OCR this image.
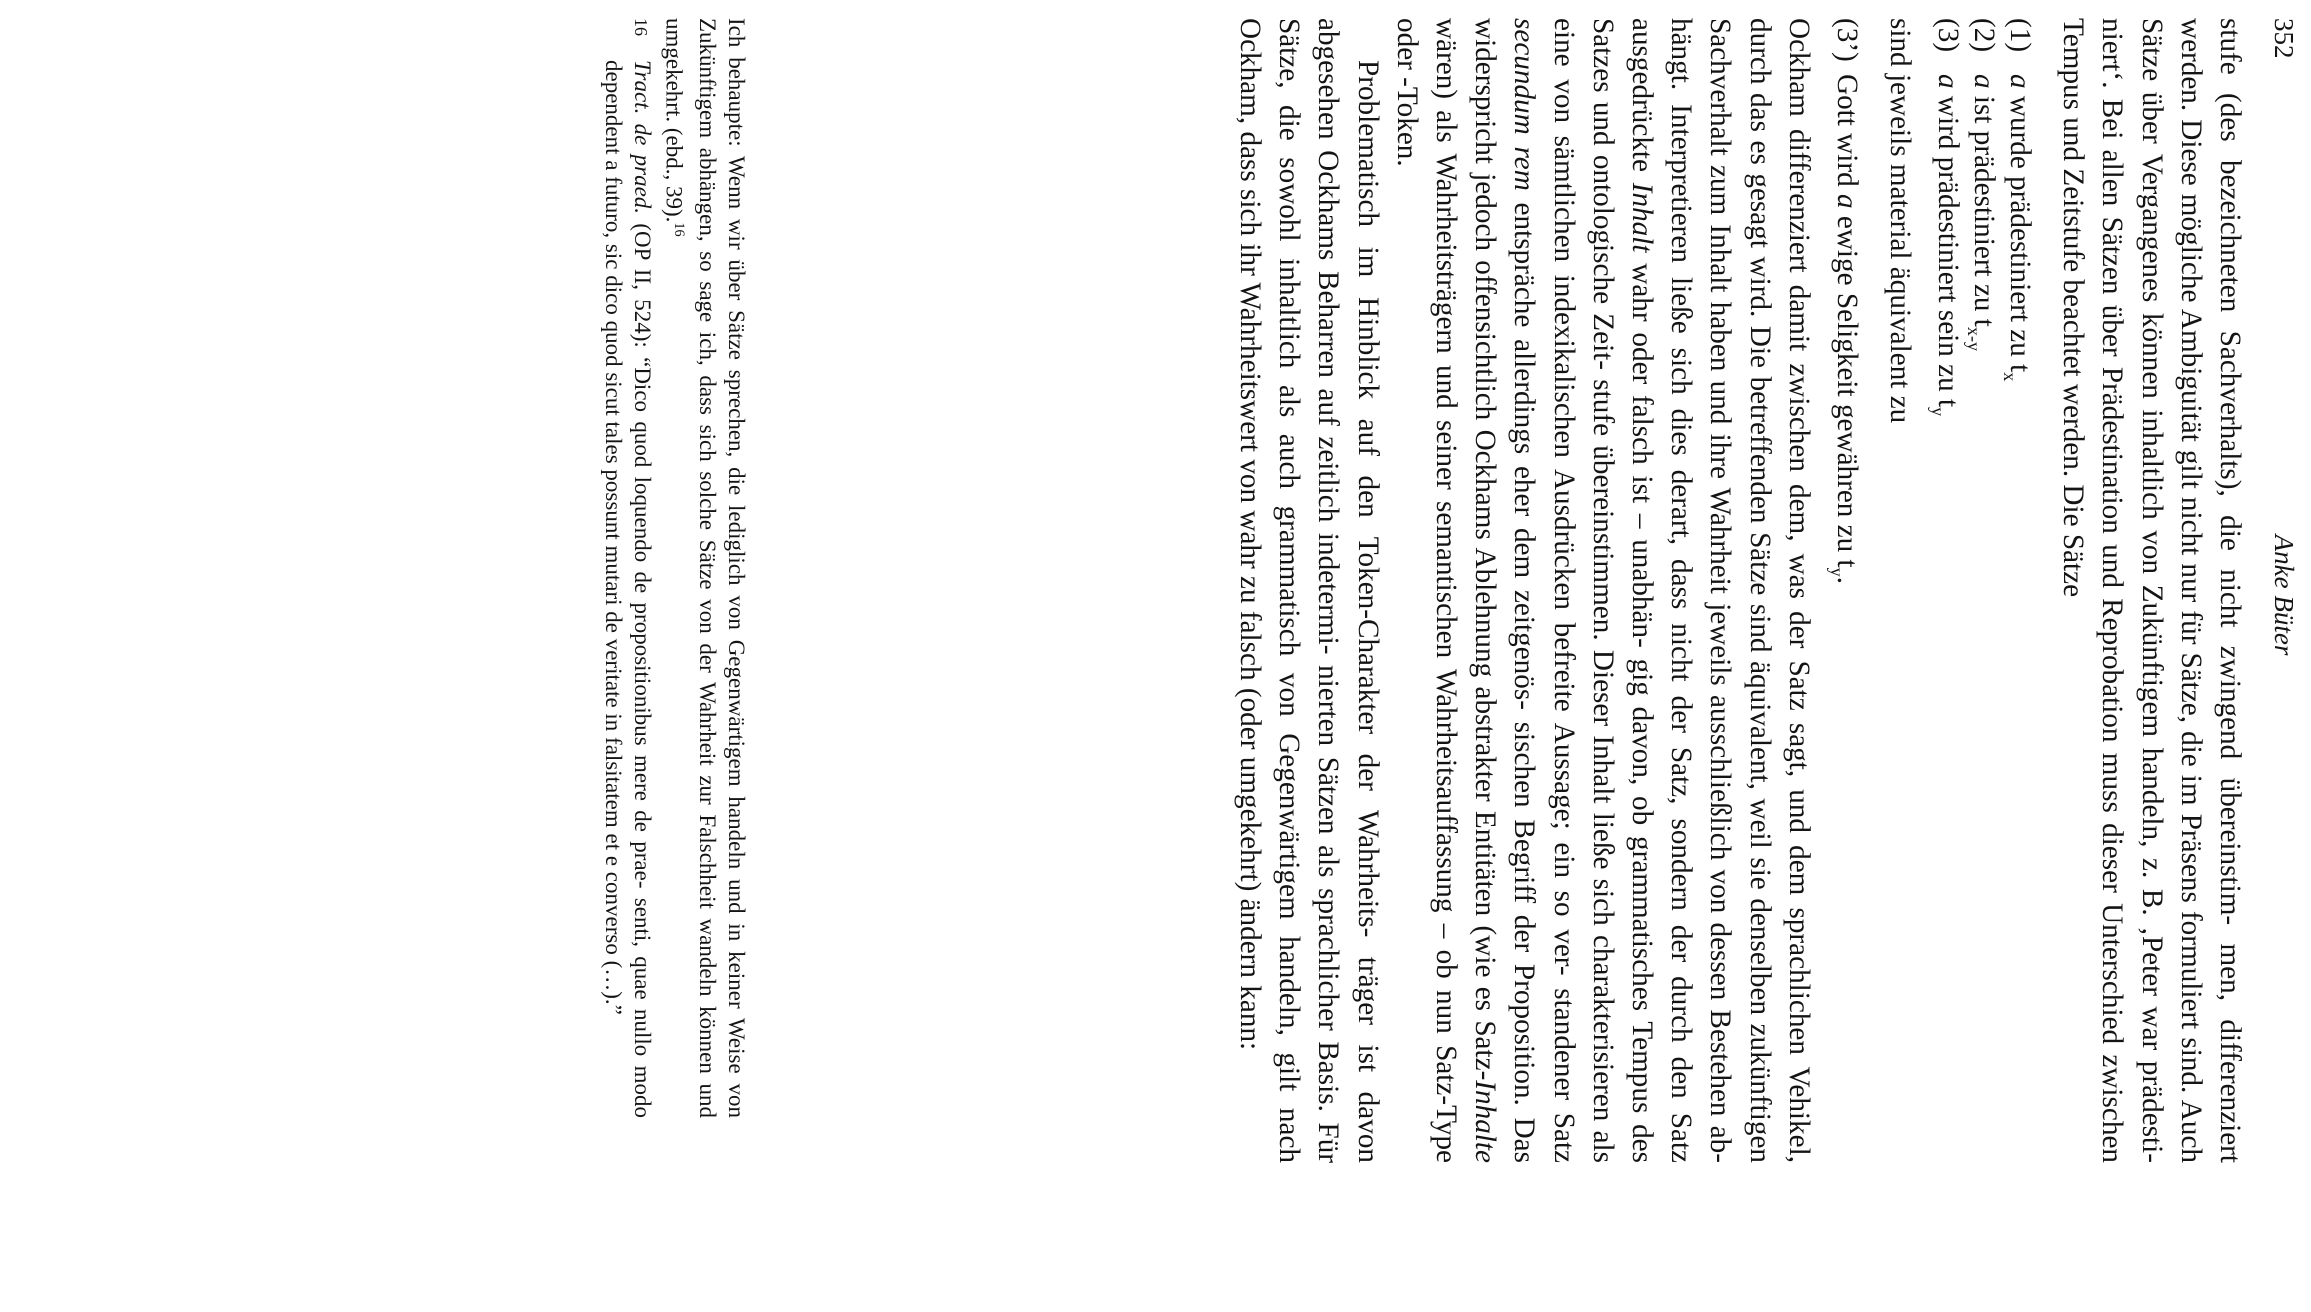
352
Anke Büter

stufe (des bezeichneten Sachverhalts), die nicht zwingend übereinstim- men, differenziert werden. Diese mögliche Ambiguität gilt nicht nur für Sätze, die im Präsens formuliert sind. Auch Sätze über Vergangenes können inhaltlich von Zukünftigem handeln, z. B. ‚Peter war prädesti- niert‘. Bei allen Sätzen über Prädestination und Reprobation muss dieser Unterschied zwischen Tempus und Zeitstufe beachtet werden. Die Sätze

(1)
a wurde prädestiniert zu $t_x$
(2)
a ist prädestiniert zu $t_{x-y}$
(3)
a wird prädestiniert sein zu $t_y$

sind jeweils material äquivalent zu

(3’)
Gott wird a ewige Seligkeit gewähren zu $t_y$.

Ockham differenziert damit zwischen dem, was der Satz sagt, und dem sprachlichen Vehikel, durch das es gesagt wird. Die betreffenden Sätze sind äquivalent, weil sie denselben zukünftigen Sachverhalt zum Inhalt haben und ihre Wahrheit jeweils ausschließlich von dessen Bestehen ab- hängt. Interpretieren ließe sich dies derart, dass nicht der Satz, sondern der durch den Satz ausgedrückte Inhalt wahr oder falsch ist – unabhän- gig davon, ob grammatisches Tempus des Satzes und ontologische Zeit- stufe übereinstimmen. Dieser Inhalt ließe sich charakterisieren als eine von sämtlichen indexikalischen Ausdrücken befreite Aussage; ein so ver- standener Satz secundum rem entspräche allerdings eher dem zeitgenös- sischen Begriff der Proposition. Das widerspricht jedoch offensichtlich Ockhams Ablehnung abstrakter Entitäten (wie es Satz-Inhalte wären) als Wahrheitsträgern und seiner semantischen Wahrheitsauffassung – ob nun Satz-Type oder -Token.

Problematisch im Hinblick auf den Token-Charakter der Wahrheits- träger ist davon abgesehen Ockhams Beharren auf zeitlich indetermi- nierten Sätzen als sprachlicher Basis. Für Sätze, die sowohl inhaltlich als auch grammatisch von Gegenwärtigem handeln, gilt nach Ockham, dass sich ihr Wahrheitswert von wahr zu falsch (oder umgekehrt) ändern kann:

Ich behaupte: Wenn wir über Sätze sprechen, die lediglich von Gegenwärtigem handeln und in keiner Weise von Zukünftigem abhängen, so sage ich, dass sich solche Sätze von der Wahrheit zur Falschheit wandeln können und umgekehrt. (ebd., 39).$^{16}$

16
Tract. de praed. (OP II, 524): “Dico quod loquendo de propositionibus mere de prae- senti, quae nullo modo dependent a futuro, sic dico quod sicut tales possunt mutari de veritate in falsitatem et e converso (…).”
